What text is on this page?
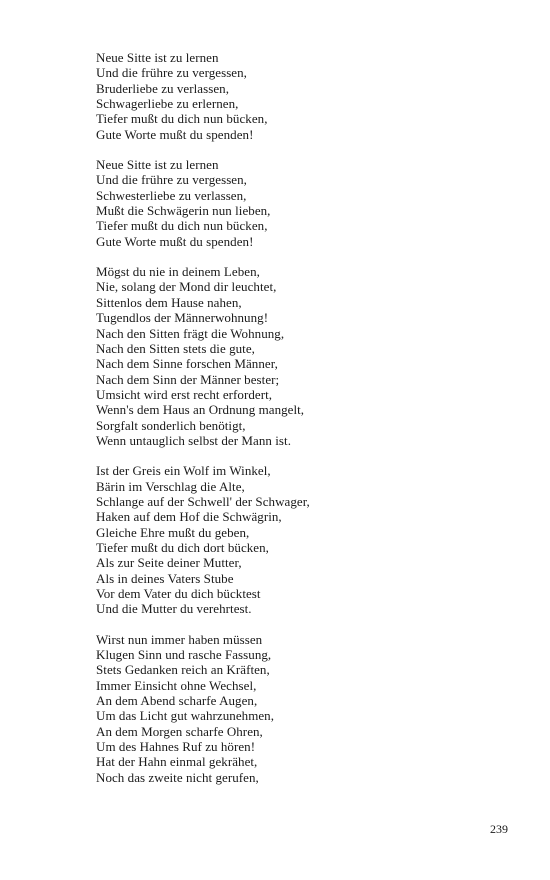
Neue Sitte ist zu lernen
Und die frühre zu vergessen,
Bruderliebe zu verlassen,
Schwagerliebe zu erlernen,
Tiefer mußt du dich nun bücken,
Gute Worte mußt du spenden!
Neue Sitte ist zu lernen
Und die frühre zu vergessen,
Schwesterliebe zu verlassen,
Mußt die Schwägerin nun lieben,
Tiefer mußt du dich nun bücken,
Gute Worte mußt du spenden!
Mögst du nie in deinem Leben,
Nie, solang der Mond dir leuchtet,
Sittenlos dem Hause nahen,
Tugendlos der Männerwohnung!
Nach den Sitten frägt die Wohnung,
Nach den Sitten stets die gute,
Nach dem Sinne forschen Männer,
Nach dem Sinn der Männer bester;
Umsicht wird erst recht erfordert,
Wenn's dem Haus an Ordnung mangelt,
Sorgfalt sonderlich benötigt,
Wenn untauglich selbst der Mann ist.
Ist der Greis ein Wolf im Winkel,
Bärin im Verschlag die Alte,
Schlange auf der Schwell' der Schwager,
Haken auf dem Hof die Schwägrin,
Gleiche Ehre mußt du geben,
Tiefer mußt du dich dort bücken,
Als zur Seite deiner Mutter,
Als in deines Vaters Stube
Vor dem Vater du dich bücktest
Und die Mutter du verehrtest.
Wirst nun immer haben müssen
Klugen Sinn und rasche Fassung,
Stets Gedanken reich an Kräften,
Immer Einsicht ohne Wechsel,
An dem Abend scharfe Augen,
Um das Licht gut wahrzunehmen,
An dem Morgen scharfe Ohren,
Um des Hahnes Ruf zu hören!
Hat der Hahn einmal gekrähet,
Noch das zweite nicht gerufen,
239
